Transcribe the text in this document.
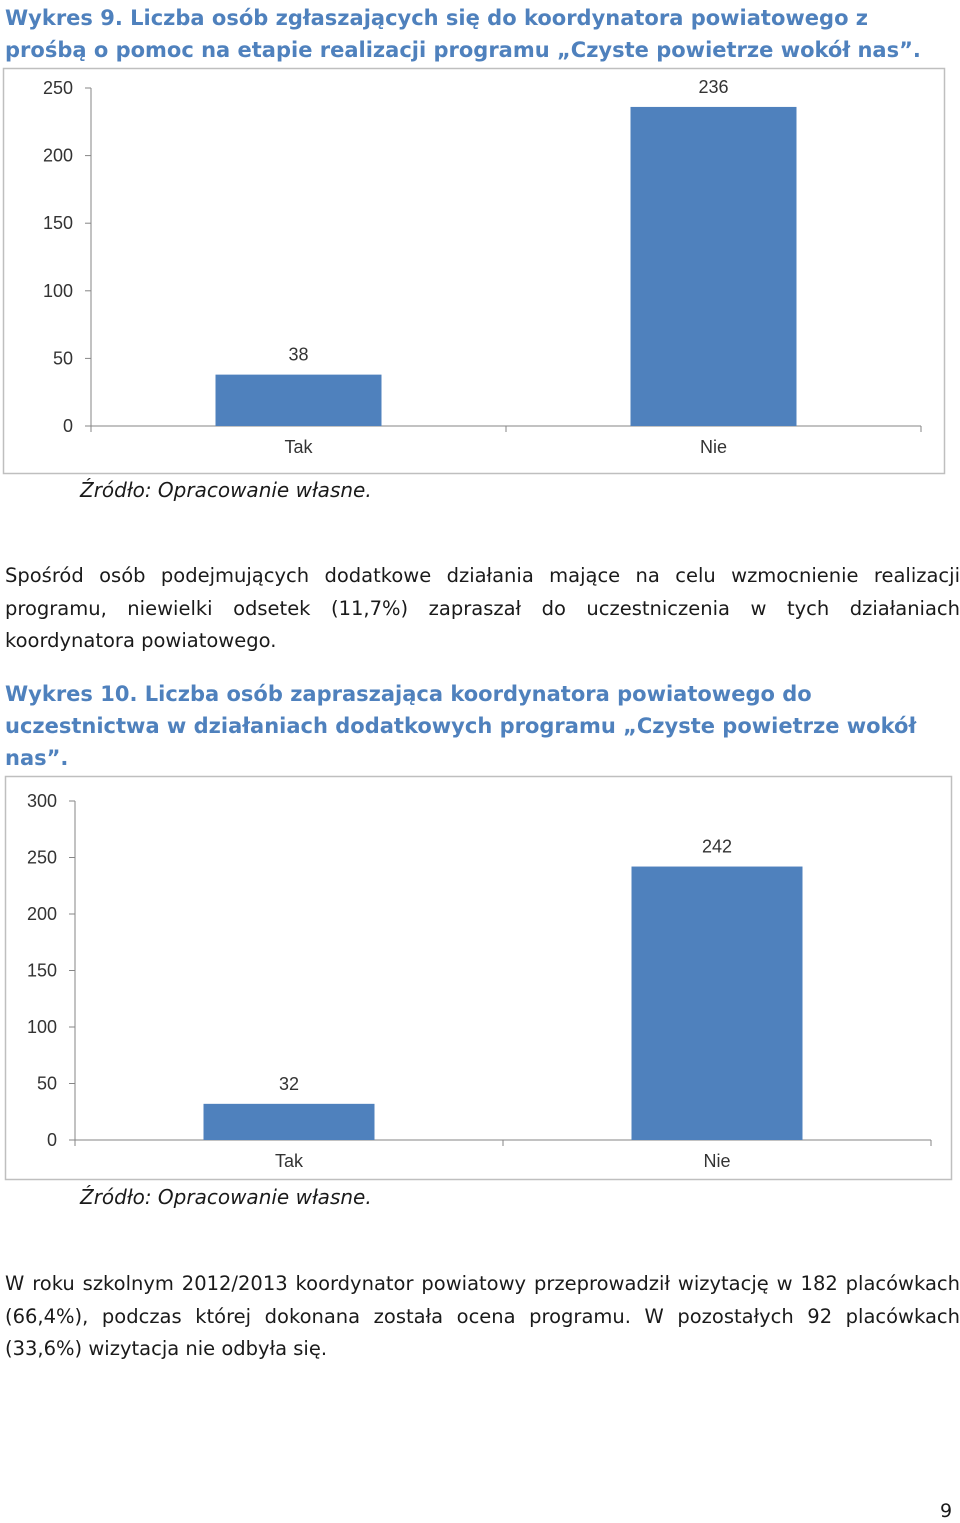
Wykres 9. Liczba osób zgłaszających się do koordynatora powiatowego z prośbą o pomoc na etapie realizacji programu „Czyste powietrze wokół nas”.

0
50
100
150
200
250
38
Tak
236
Nie

Źródło: Opracowanie własne.

Spośród osób podejmujących dodatkowe działania mające na celu wzmocnienie realizacji programu, niewielki odsetek (11,7%) zapraszał do uczestniczenia w tych działaniach koordynatora powiatowego.

Wykres 10. Liczba osób zapraszająca koordynatora powiatowego do uczestnictwa w działaniach dodatkowych programu „Czyste powietrze wokół nas”.

0
50
100
150
200
250
300
32
Tak
242
Nie

Źródło: Opracowanie własne.

W roku szkolnym 2012/2013 koordynator powiatowy przeprowadził wizytację w 182 placówkach (66,4%), podczas której dokonana została ocena programu. W pozostałych 92 placówkach (33,6%) wizytacja nie odbyła się.

9
